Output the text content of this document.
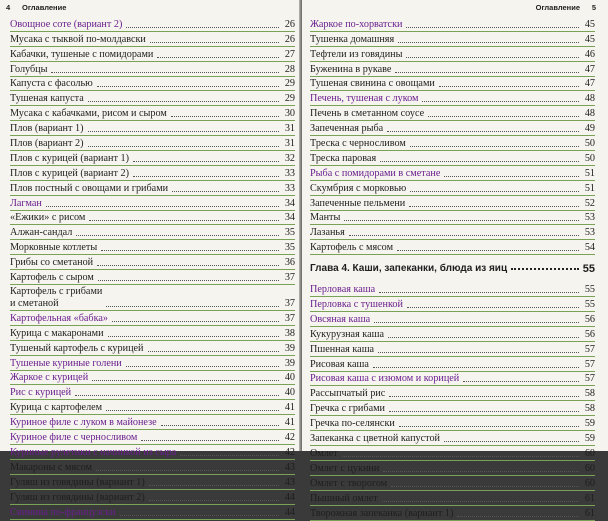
4 Оглавление
Овощное соте (вариант 2)	26
Мусака с тыквой по-молдавски	26
Кабачки, тушеные с помидорами	27
Голубцы	28
Капуста с фасолью	29
Тушеная капуста	29
Мусака с кабачками, рисом и сыром	30
Плов (вариант 1)	31
Плов (вариант 2)	31
Плов с курицей (вариант 1)	32
Плов с курицей (вариант 2)	33
Плов постный с овощами и грибами	33
Лагман	34
«Ежики» с рисом	34
Алжан-сандал	35
Морковные котлеты	35
Грибы со сметаной	36
Картофель с сыром	37
Картофель с грибами
и сметаной	37
Картофельная «бабка»	37
Курица с макаронами	38
Тушеный картофель с курицей	39
Тушеные куриные голени	39
Жаркое с курицей	40
Рис с курицей	40
Курица с картофелем	41
Куриное филе с луком в майонезе	41
Куриное филе с черносливом	42
Куриные рулетики с начинкой из сыра	42
Макароны с мясом	43
Гуляш из говядины (вариант 1)	43
Гуляш из говядины (вариант 2)	44
Свинина по-французски	44
Оглавление 5
Жаркое по-хорватски	45
Тушенка домашняя	45
Тефтели из говядины	46
Буженина в рукаве	47
Тушеная свинина с овощами	47
Печень, тушеная с луком	48
Печень в сметанном соусе	48
Запеченная рыба	49
Треска с черносливом	50
Треска паровая	50
Рыба с помидорами в сметане	51
Скумбрия с морковью	51
Запеченные пельмени	52
Манты	53
Лазанья	53
Картофель с мясом	54
Глава 4. Каши, запеканки, блюда из яиц	55
Перловая каша	55
Перловка с тушенкой	55
Овсяная каша	56
Кукурузная каша	56
Пшенная каша	57
Рисовая каша	57
Рисовая каша с изюмом и корицей	57
Рассыпчатый рис	58
Гречка с грибами	58
Гречка по-селянски	59
Запеканка с цветной капустой	59
Омлет	60
Омлет с цукини	60
Омлет с творогом	60
Пышный омлет	61
Творожная запеканка (вариант 1)	61
